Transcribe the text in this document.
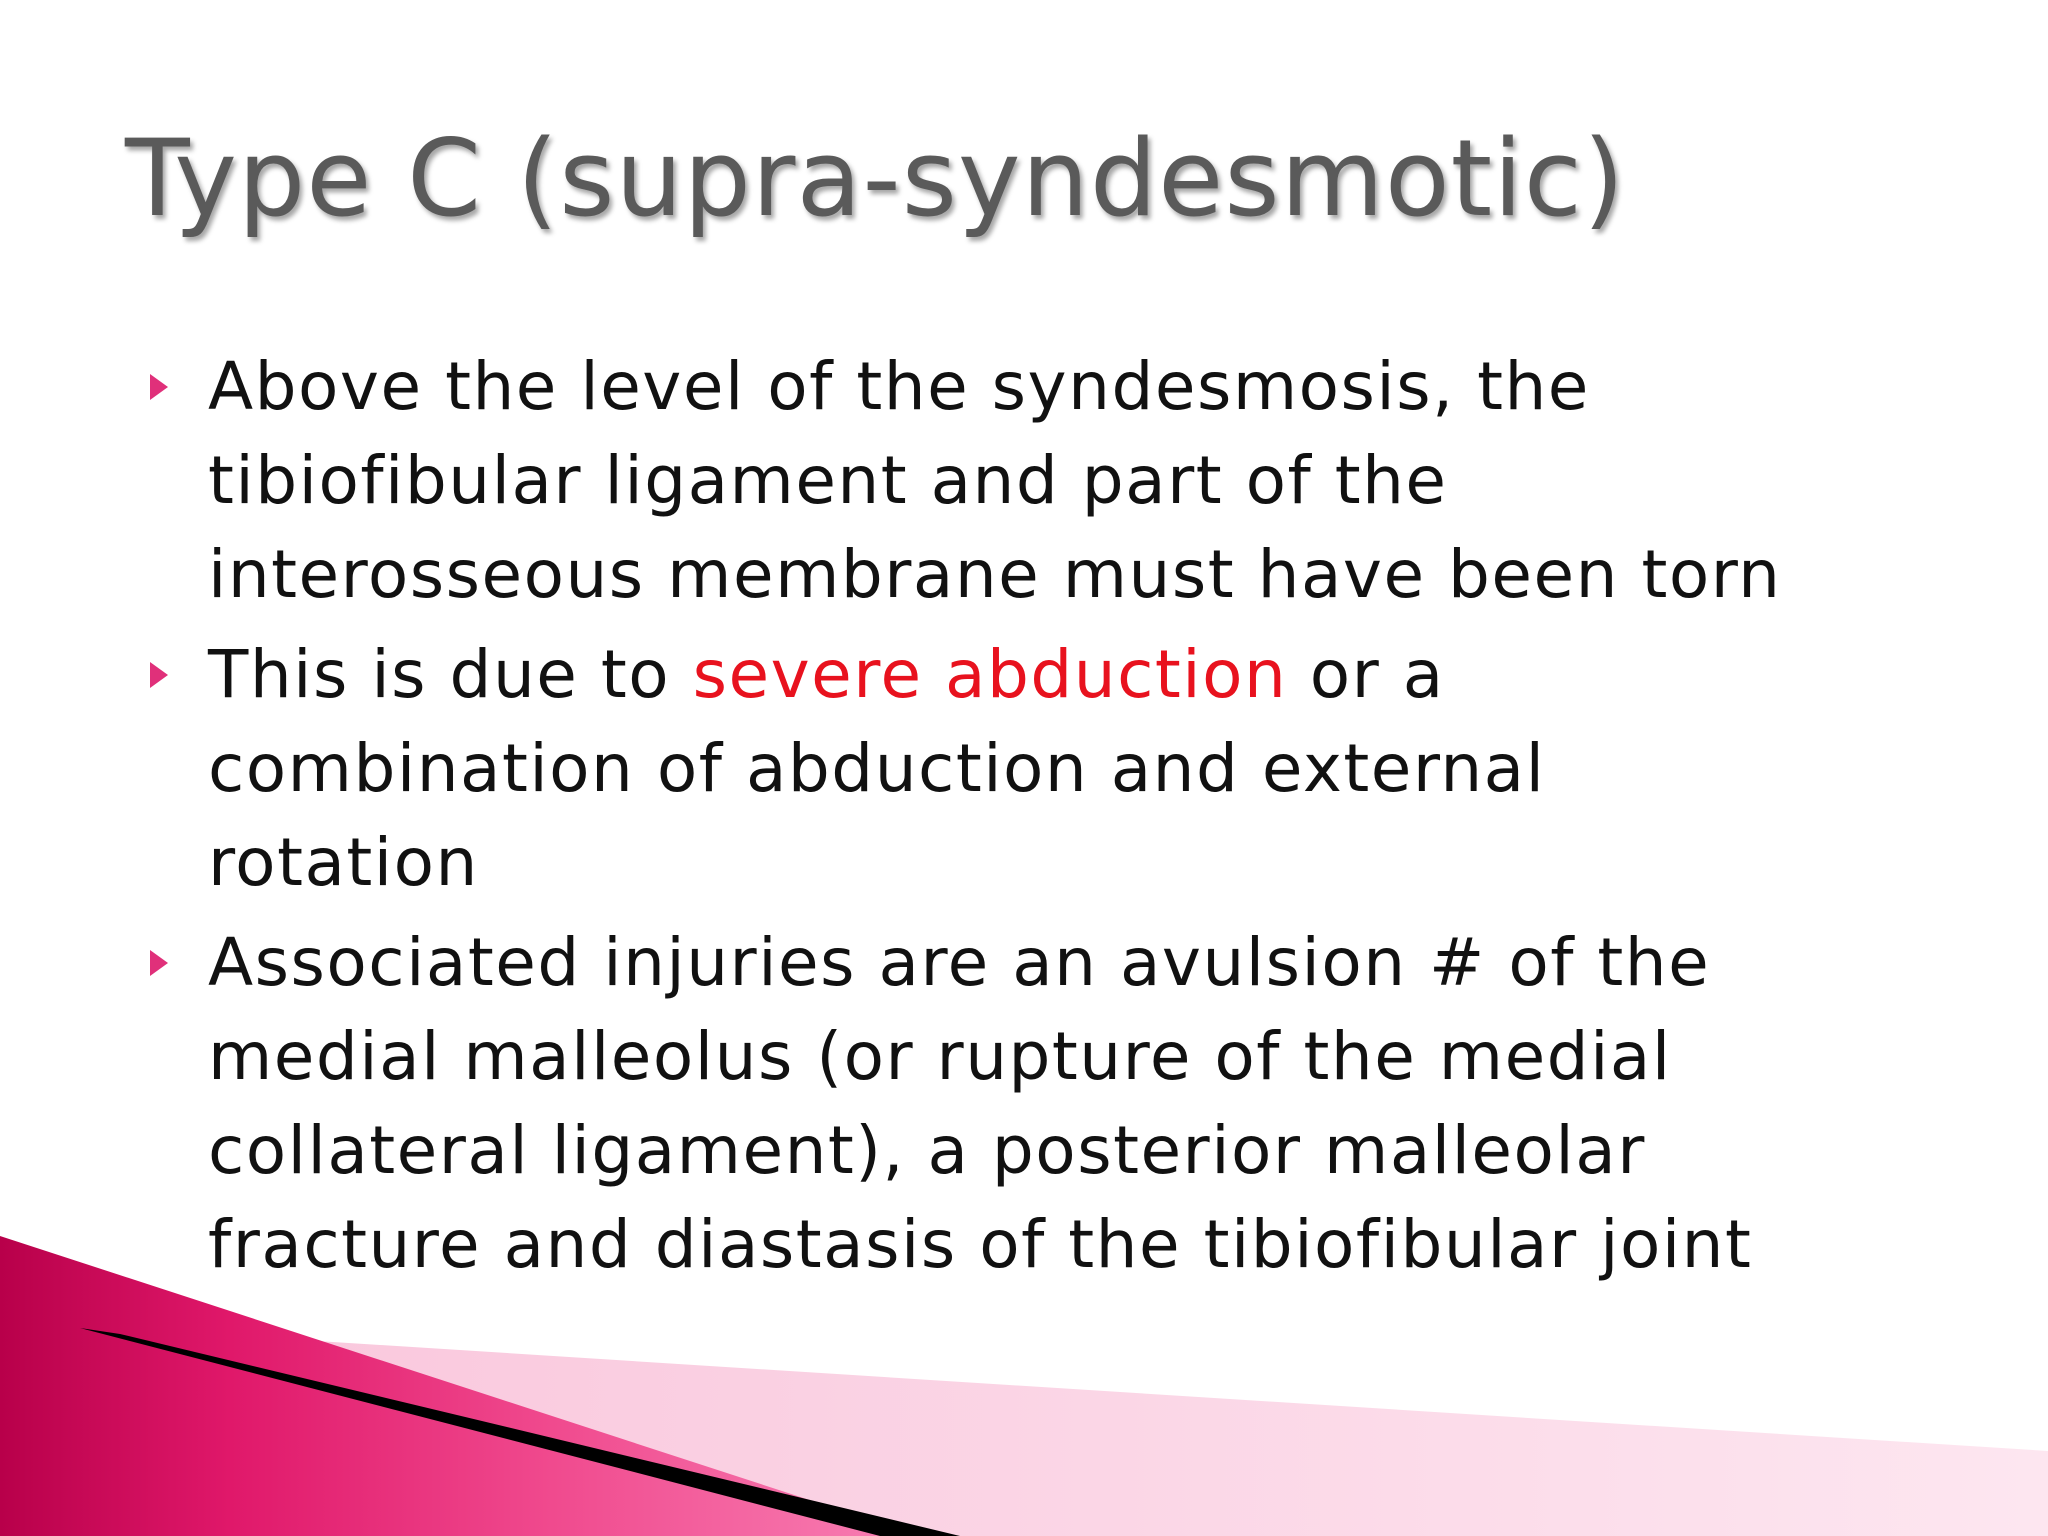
Type C (supra-syndesmotic)
Above the level of the syndesmosis, the
tibiofibular ligament and part of the
interosseous membrane must have been torn
This is due to severe abduction or a
combination of abduction and external
rotation
Associated injuries are an avulsion # of the
medial malleolus (or rupture of the medial
collateral ligament), a posterior malleolar
fracture and diastasis of the tibiofibular joint
